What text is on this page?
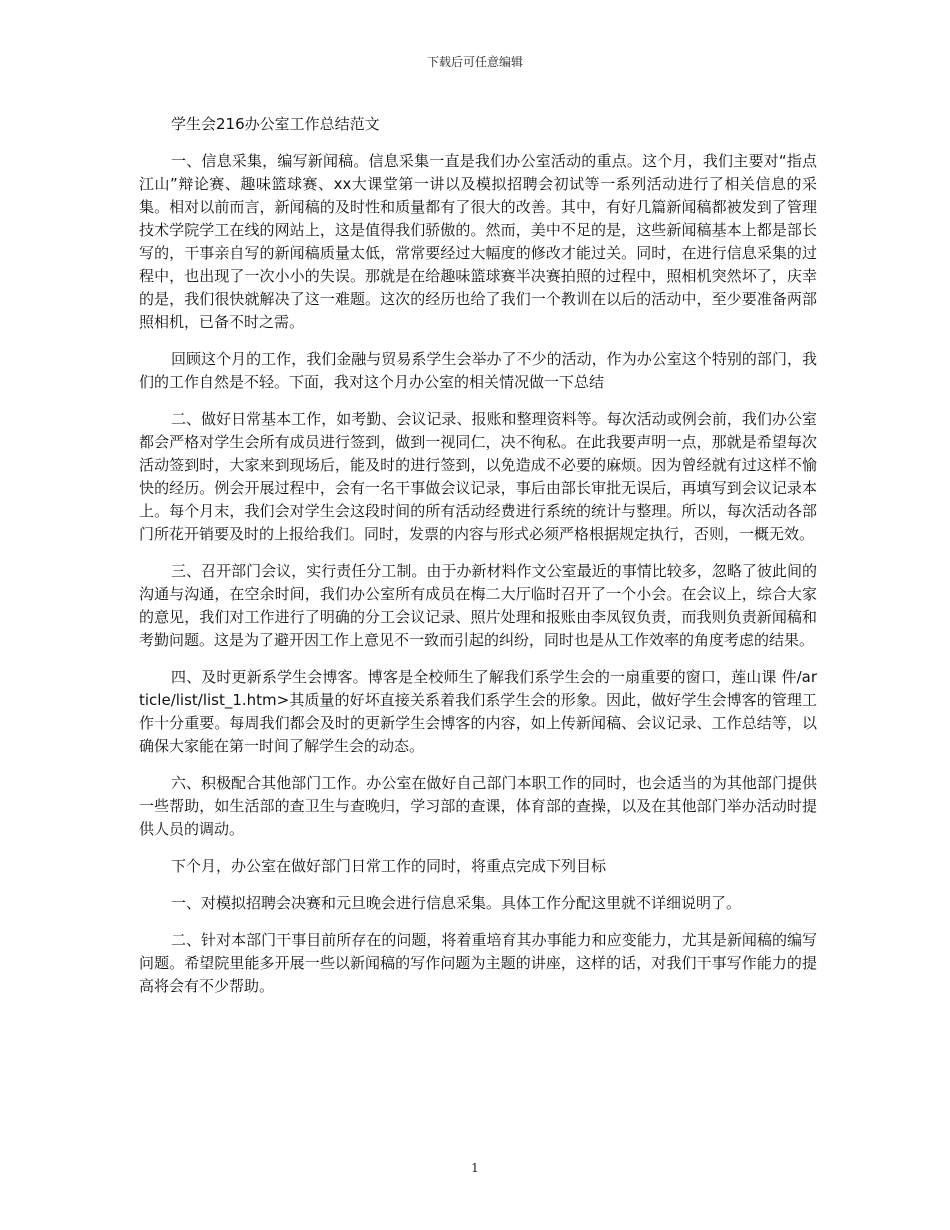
下载后可任意编辑

学生会216办公室工作总结范文

一、信息采集，编写新闻稿。信息采集一直是我们办公室活动的重点。这个月，我们主要对“指点江山”辩论赛、趣味篮球赛、xx大课堂第一讲以及模拟招聘会初试等一系列活动进行了相关信息的采集。相对以前而言，新闻稿的及时性和质量都有了很大的改善。其中，有好几篇新闻稿都被发到了管理技术学院学工在线的网站上，这是值得我们骄傲的。然而，美中不足的是，这些新闻稿基本上都是部长写的，干事亲自写的新闻稿质量太低，常常要经过大幅度的修改才能过关。同时，在进行信息采集的过程中，也出现了一次小小的失误。那就是在给趣味篮球赛半决赛拍照的过程中，照相机突然坏了，庆幸的是，我们很快就解决了这一难题。这次的经历也给了我们一个教训在以后的活动中，至少要准备两部照相机，已备不时之需。

回顾这个月的工作，我们金融与贸易系学生会举办了不少的活动，作为办公室这个特别的部门，我们的工作自然是不轻。下面，我对这个月办公室的相关情况做一下总结

二、做好日常基本工作，如考勤、会议记录、报账和整理资料等。每次活动或例会前，我们办公室都会严格对学生会所有成员进行签到，做到一视同仁，决不徇私。在此我要声明一点，那就是希望每次活动签到时，大家来到现场后，能及时的进行签到，以免造成不必要的麻烦。因为曾经就有过这样不愉快的经历。例会开展过程中，会有一名干事做会议记录，事后由部长审批无误后，再填写到会议记录本上。每个月末，我们会对学生会这段时间的所有活动经费进行系统的统计与整理。所以，每次活动各部门所花开销要及时的上报给我们。同时，发票的内容与形式必须严格根据规定执行，否则，一概无效。

三、召开部门会议，实行责任分工制。由于办新材料作文公室最近的事情比较多，忽略了彼此间的沟通与沟通，在空余时间，我们办公室所有成员在梅二大厅临时召开了一个小会。在会议上，综合大家的意见，我们对工作进行了明确的分工会议记录、照片处理和报账由李凤钗负责，而我则负责新闻稿和考勤问题。这是为了避开因工作上意见不一致而引起的纠纷，同时也是从工作效率的角度考虑的结果。

四、及时更新系学生会博客。博客是全校师生了解我们系学生会的一扇重要的窗口，莲山课 件/article/list/list_1.htm>其质量的好坏直接关系着我们系学生会的形象。因此，做好学生会博客的管理工作十分重要。每周我们都会及时的更新学生会博客的内容，如上传新闻稿、会议记录、工作总结等，以确保大家能在第一时间了解学生会的动态。

六、积极配合其他部门工作。办公室在做好自己部门本职工作的同时，也会适当的为其他部门提供一些帮助，如生活部的查卫生与查晚归，学习部的查课，体育部的查操，以及在其他部门举办活动时提供人员的调动。

下个月，办公室在做好部门日常工作的同时，将重点完成下列目标

一、对模拟招聘会决赛和元旦晚会进行信息采集。具体工作分配这里就不详细说明了。

二、针对本部门干事目前所存在的问题，将着重培育其办事能力和应变能力，尤其是新闻稿的编写问题。希望院里能多开展一些以新闻稿的写作问题为主题的讲座，这样的话，对我们干事写作能力的提高将会有不少帮助。

1
